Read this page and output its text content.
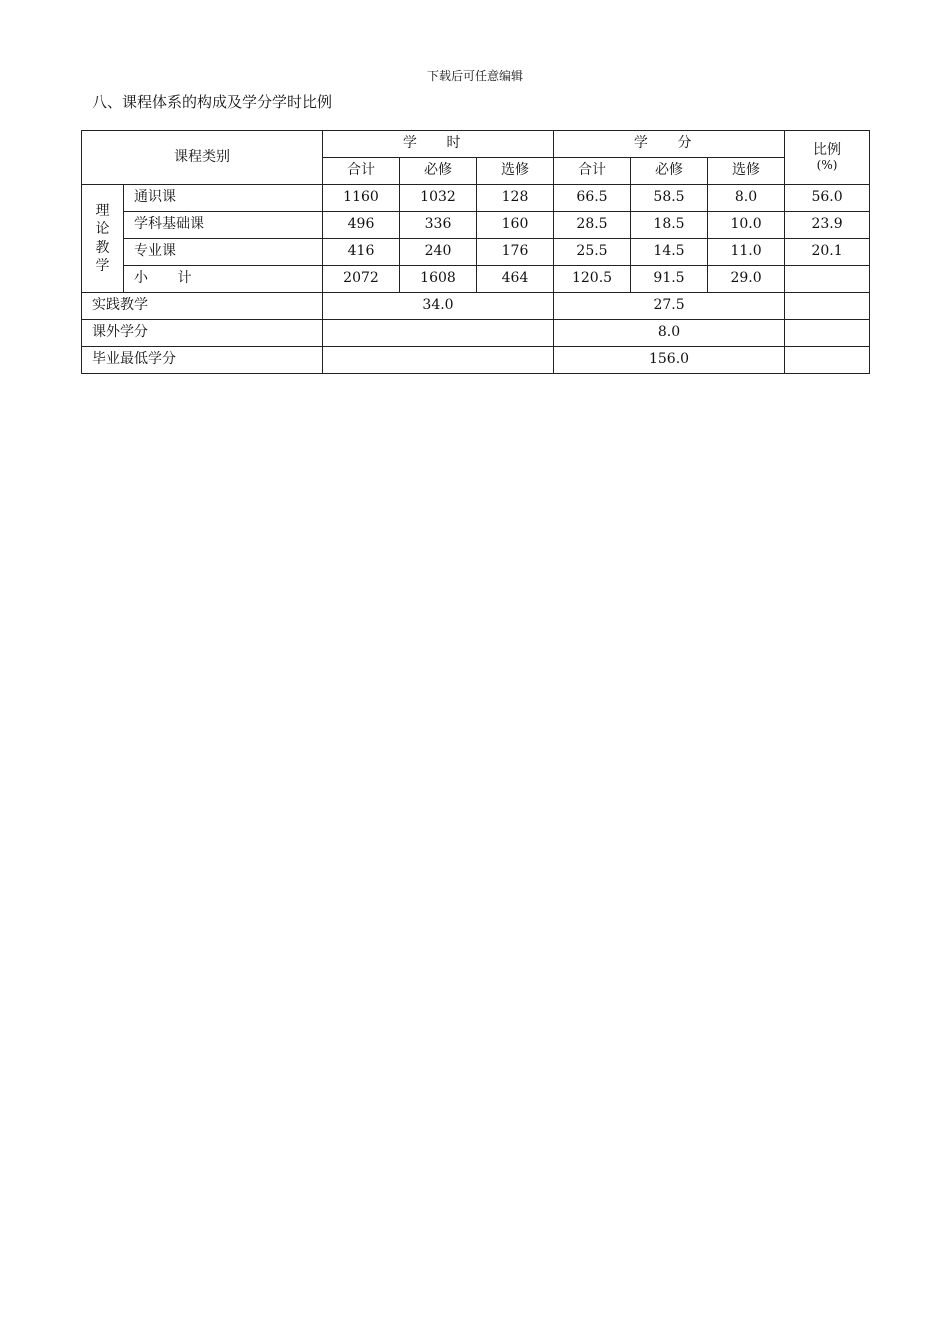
下载后可任意编辑
八、课程体系的构成及学分学时比例
课程类别		学 时			学 分			比例
(%)

		合计	必修	选修	合计	必修	选修	
理论教学	通识课	1160	1032	128	66.5	58.5	8.0	56.0
	学科基础课	496	336	160	28.5	18.5	10.0	23.9
	专业课	416	240	176	25.5	14.5	11.0	20.1
	小 计	2072	1608	464	120.5	91.5	29.0	
实践教学		34.0			27.5			
课外学分					8.0			
毕业最低学分					156.0			
